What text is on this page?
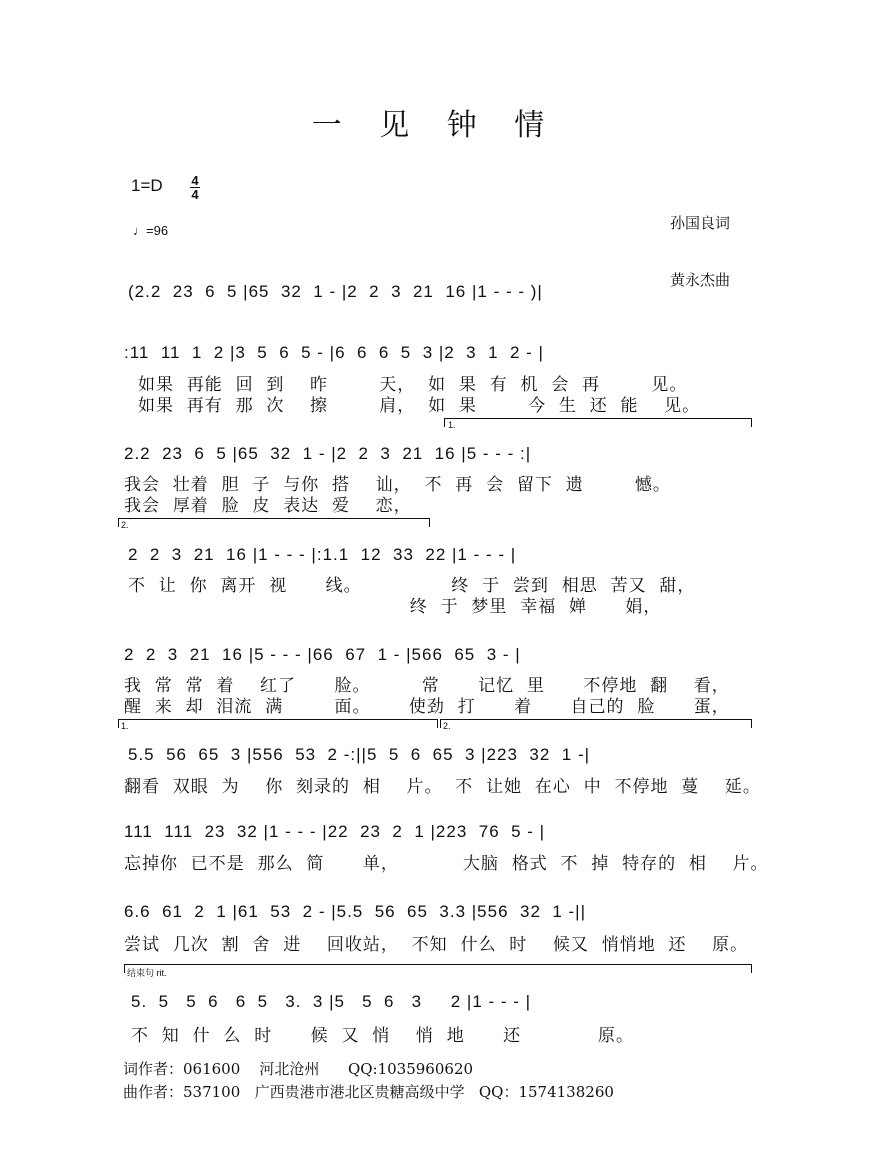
一 见 钟 情
1=D 4
4

孙国良词

黄永杰曲

♩=96
(2.2  23  6  5 |65  32  1 - |2  2  3  21  16 |1 - - - )|
:11  11  1  2 |3  5  6  5 - |6  6  6  5  3 |2  3  1  2 - |
如果  再能  回  到    昨        天，  如  果  有  机  会  再        见。
如果  再有  那  次    擦        肩，  如  果        今  生  还  能    见。
1.
2.2  23  6  5 |65  32  1 - |2  2  3  21  16 |5 - - - :|
我会  壮着  胆  子  与你  搭    讪，  不  再  会  留下  遗        憾。
我会  厚着  脸  皮  表达  爱    恋，
2.
2  2  3  21  16 |1 - - - |:1.1  12  33  22 |1 - - - |
不  让  你  离开  视      线。              终  于  尝到  相思  苦又  甜，
终  于  梦里  幸福  婵      娟，
2  2  3  21  16 |5 - - - |66  67  1 - |566  65  3 - |
我  常  常  着    红了      脸。        常      记忆  里      不停地  翻    看，
醒  来  却  泪流  满        面。      使劲  打      着      自己的  脸      蛋，
1.	2.
5.5  56  65  3 |556  53  2 -:||5  5  6  65  3 |223  32  1 -|
翻看  双眼  为    你  刻录的  相    片。  不  让她  在心  中  不停地  蔓    延。
111  111  23  32 |1 - - - |22  23  2  1 |223  76  5 - |
忘掉你  已不是  那么  简      单，          大脑  格式  不  掉  特存的  相    片。
6.6  61  2  1 |61  53  2 - |5.5  56  65  3.3 |556  32  1 -||
尝试  几次  割  舍  进    回收站，  不知  什么  时    候又  悄悄地  还    原。
结束句 rit.
5.  5   5  6   6  5   3.  3 |5   5  6   3     2 |1 - - - |
不  知  什  么  时      候  又  悄    悄  地      还            原。
词作者：061600    河北沧州      QQ:1035960620
曲作者：537100   广西贵港市港北区贵糖高级中学   QQ：1574138260
